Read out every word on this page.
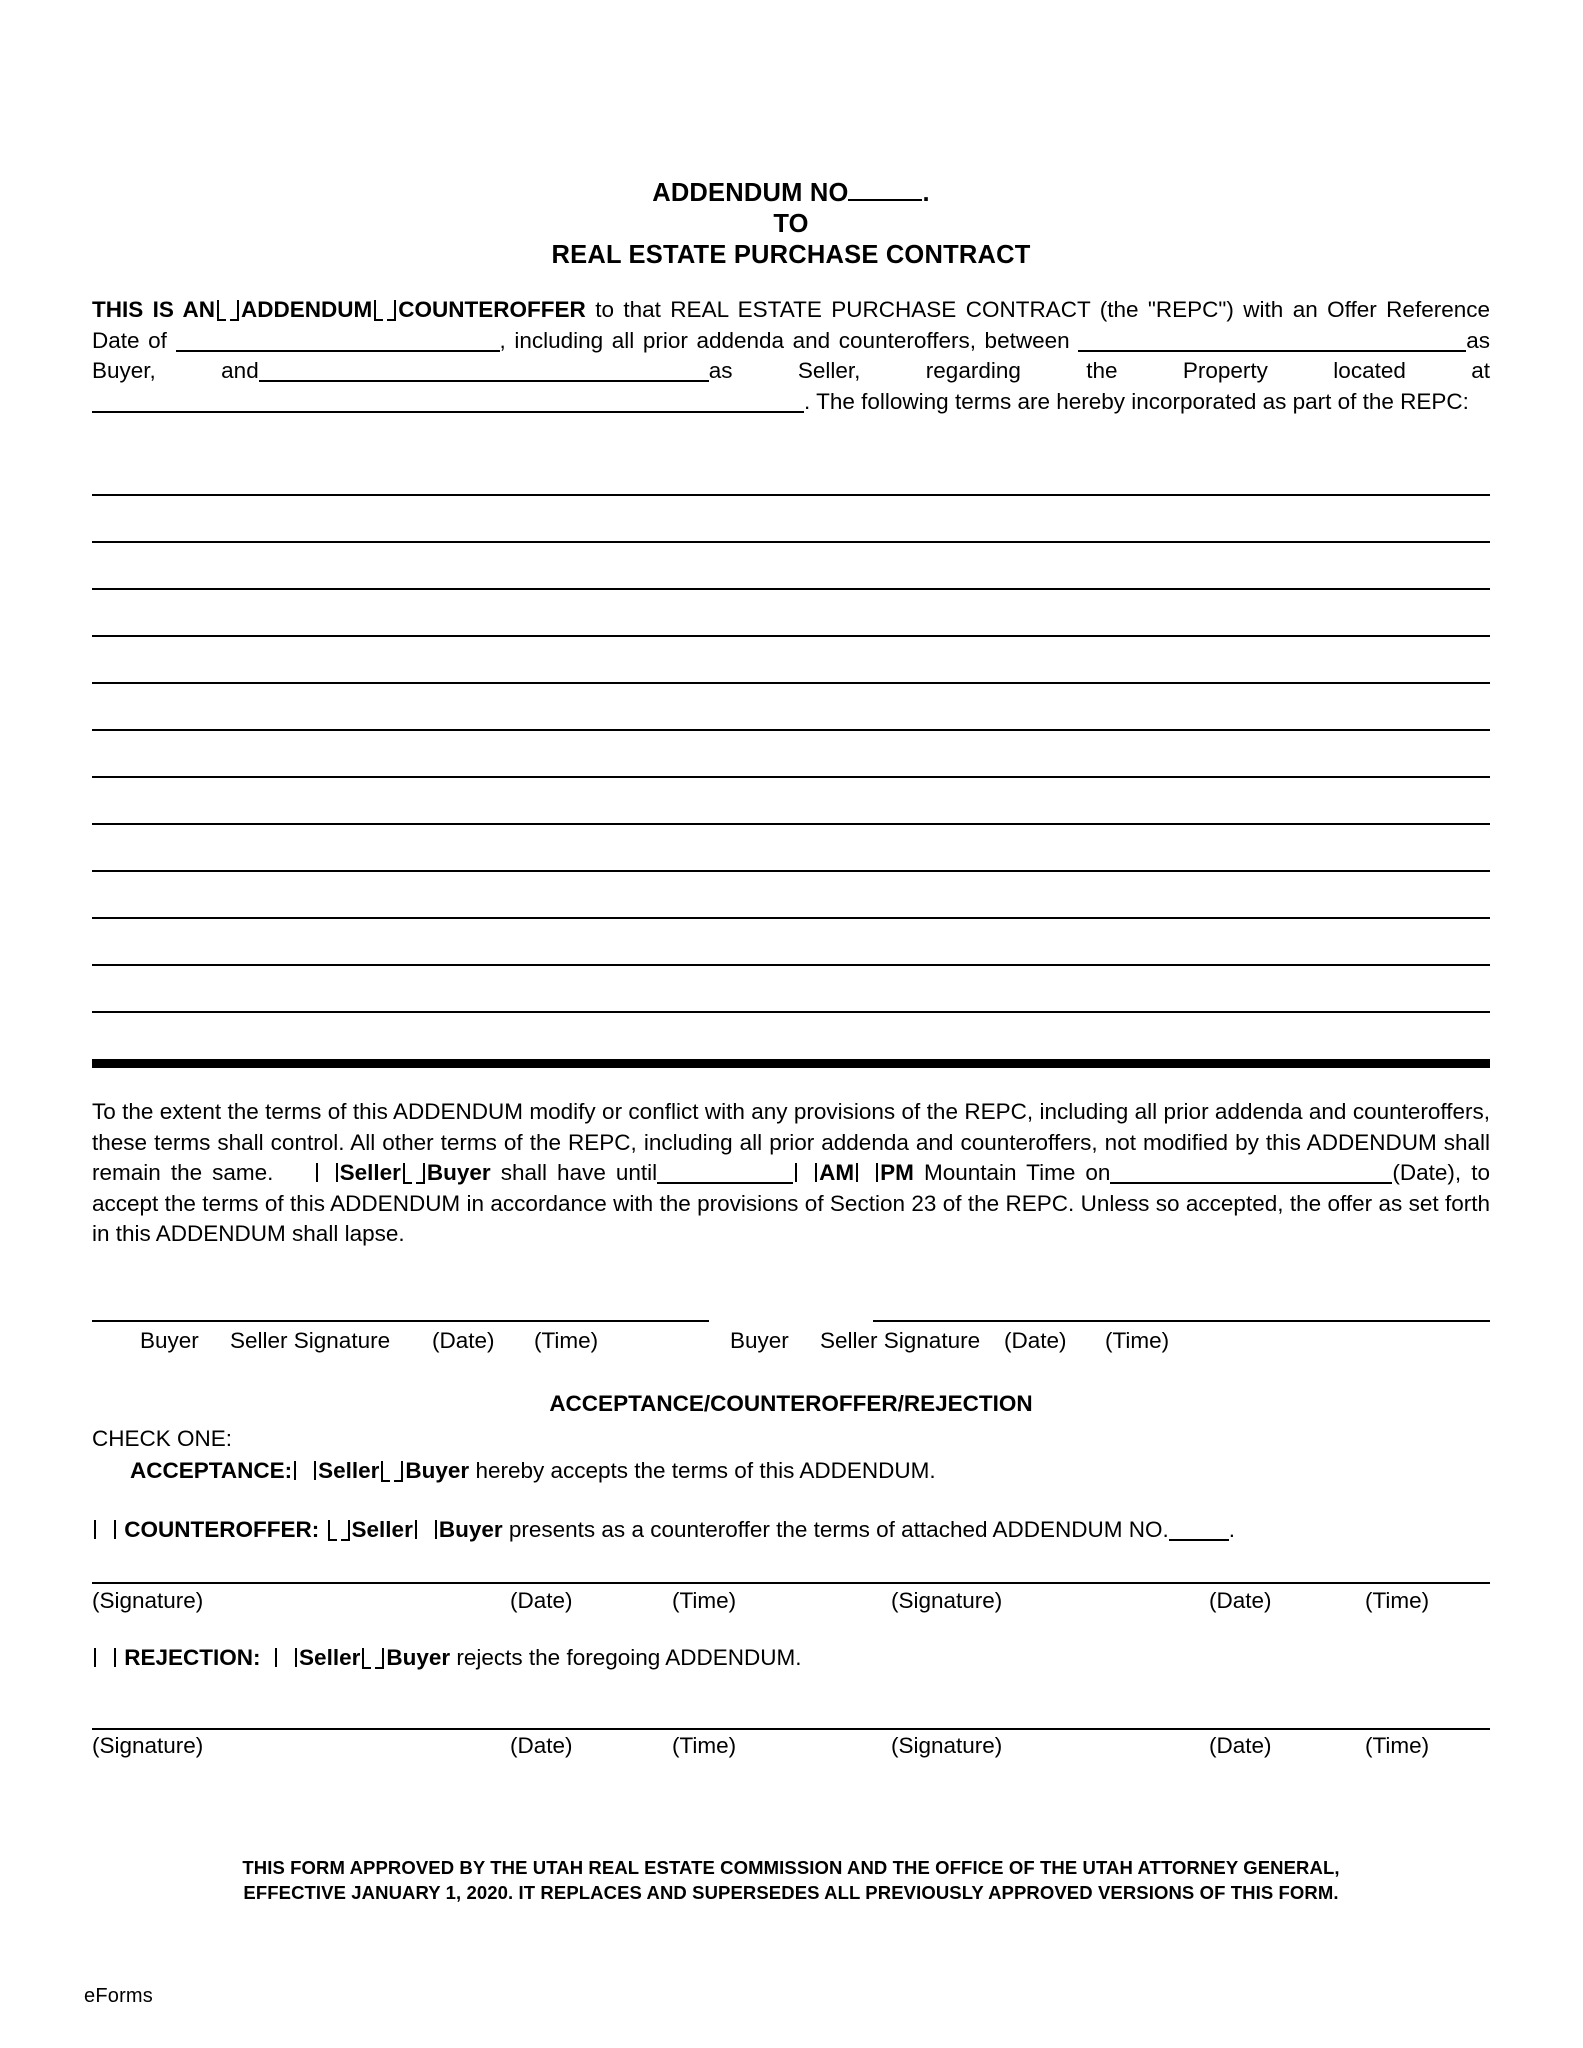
ADDENDUM NO	.
TO
REAL ESTATE PURCHASE CONTRACT
THIS IS AN ADDENDUM COUNTEROFFER to that REAL ESTATE PURCHASE CONTRACT (the "REPC") with an Offer Reference Date of	, including all prior addenda and counteroffers, between	as Buyer, and	as Seller,	regarding the Property located at. The following terms are hereby incorporated as part of the REPC:
To the extent the terms of this ADDENDUM modify or conflict with any provisions of the REPC, including all prior addenda and counteroffers, these terms shall control. All other terms of the REPC, including all prior addenda and counteroffers, not modified by this ADDENDUM shall remain the same.	Seller Buyer shall have until	AM PM Mountain Time on	(Date), to accept the terms of this ADDENDUM in accordance with the provisions of Section 23 of the REPC. Unless so accepted, the offer as set forth in this ADDENDUM shall lapse.
Buyer Seller Signature (Date) (Time)	Buyer Seller Signature (Date) (Time)
ACCEPTANCE/COUNTEROFFER/REJECTION
CHECK ONE:
ACCEPTANCE: Seller Buyer hereby accepts the terms of this ADDENDUM.
COUNTEROFFER: Seller Buyer presents as a counteroffer the terms of attached ADDENDUM NO.	.
(Signature)	(Date)	(Time)	(Signature)	(Date)	(Time)
REJECTION: Seller Buyer rejects the foregoing ADDENDUM.
(Signature)	(Date)	(Time)	(Signature)	(Date)	(Time)
THIS FORM APPROVED BY THE UTAH REAL ESTATE COMMISSION AND THE OFFICE OF THE UTAH ATTORNEY GENERAL,
EFFECTIVE JANUARY 1, 2020. IT REPLACES AND SUPERSEDES ALL PREVIOUSLY APPROVED VERSIONS OF THIS FORM.
eForms
